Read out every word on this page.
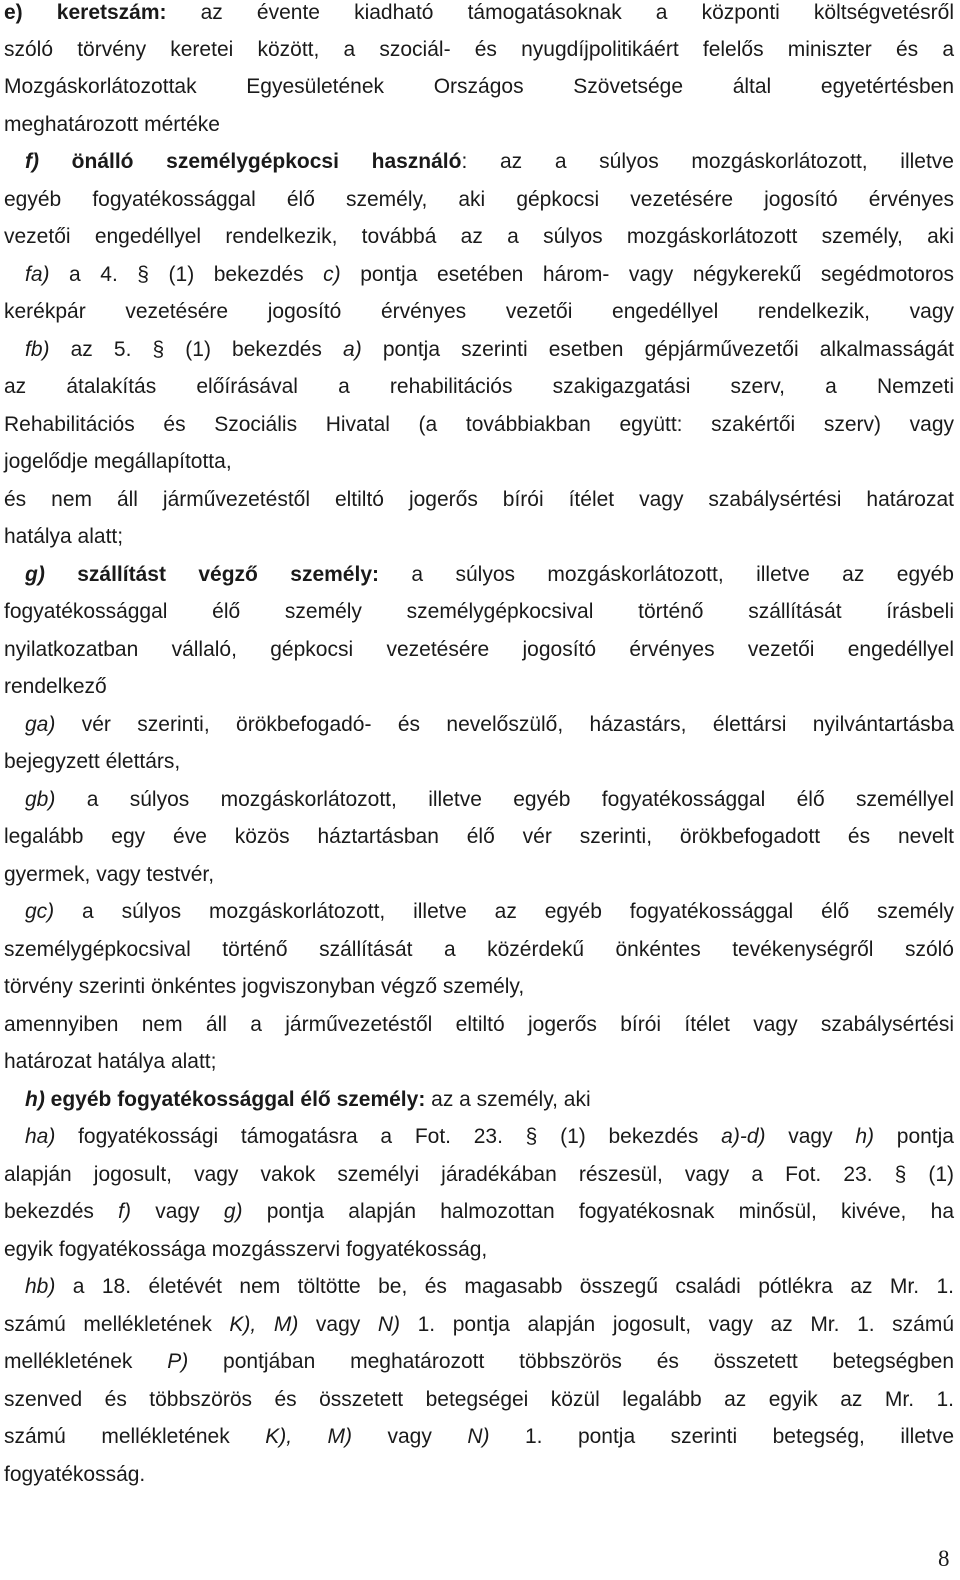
e) keretszám: az évente kiadható támogatásoknak a központi költségvetésről
szóló törvény keretei között, a szociál- és nyugdíjpolitikáért felelős miniszter és a
Mozgáskorlátozottak Egyesületének Országos Szövetsége által egyetértésben
meghatározott mértéke
f) önálló személygépkocsi használó: az a súlyos mozgáskorlátozott, illetve
egyéb fogyatékossággal élő személy, aki gépkocsi vezetésére jogosító érvényes
vezetői engedéllyel rendelkezik, továbbá az a súlyos mozgáskorlátozott személy, aki
fa) a 4. § (1) bekezdés c) pontja esetében három- vagy négykerekű segédmotoros
kerékpár vezetésére jogosító érvényes vezetői engedéllyel rendelkezik, vagy
fb) az 5. § (1) bekezdés a) pontja szerinti esetben gépjárművezetői alkalmasságát
az átalakítás előírásával a rehabilitációs szakigazgatási szerv, a Nemzeti
Rehabilitációs és Szociális Hivatal (a továbbiakban együtt: szakértői szerv) vagy
jogelődje megállapította,
és nem áll járművezetéstől eltiltó jogerős bírói ítélet vagy szabálysértési határozat
hatálya alatt;
g) szállítást végző személy: a súlyos mozgáskorlátozott, illetve az egyéb
fogyatékossággal élő személy személygépkocsival történő szállítását írásbeli
nyilatkozatban vállaló, gépkocsi vezetésére jogosító érvényes vezetői engedéllyel
rendelkező
ga) vér szerinti, örökbefogadó- és nevelőszülő, házastárs, élettársi nyilvántartásba
bejegyzett élettárs,
gb) a súlyos mozgáskorlátozott, illetve egyéb fogyatékossággal élő személlyel
legalább egy éve közös háztartásban élő vér szerinti, örökbefogadott és nevelt
gyermek, vagy testvér,
gc) a súlyos mozgáskorlátozott, illetve az egyéb fogyatékossággal élő személy
személygépkocsival történő szállítását a közérdekű önkéntes tevékenységről szóló
törvény szerinti önkéntes jogviszonyban végző személy,
amennyiben nem áll a járművezetéstől eltiltó jogerős bírói ítélet vagy szabálysértési
határozat hatálya alatt;
h) egyéb fogyatékossággal élő személy: az a személy, aki
ha) fogyatékossági támogatásra a Fot. 23. § (1) bekezdés a)-d) vagy h) pontja
alapján jogosult, vagy vakok személyi járadékában részesül, vagy a Fot. 23. § (1)
bekezdés f) vagy g) pontja alapján halmozottan fogyatékosnak minősül, kivéve, ha
egyik fogyatékossága mozgásszervi fogyatékosság,
hb) a 18. életévét nem töltötte be, és magasabb összegű családi pótlékra az Mr. 1.
számú mellékletének K), M) vagy N) 1. pontja alapján jogosult, vagy az Mr. 1. számú
mellékletének P) pontjában meghatározott többszörös és összetett betegségben
szenved és többszörös és összetett betegségei közül legalább az egyik az Mr. 1.
számú mellékletének K), M) vagy N) 1. pontja szerinti betegség, illetve
fogyatékosság.
8
